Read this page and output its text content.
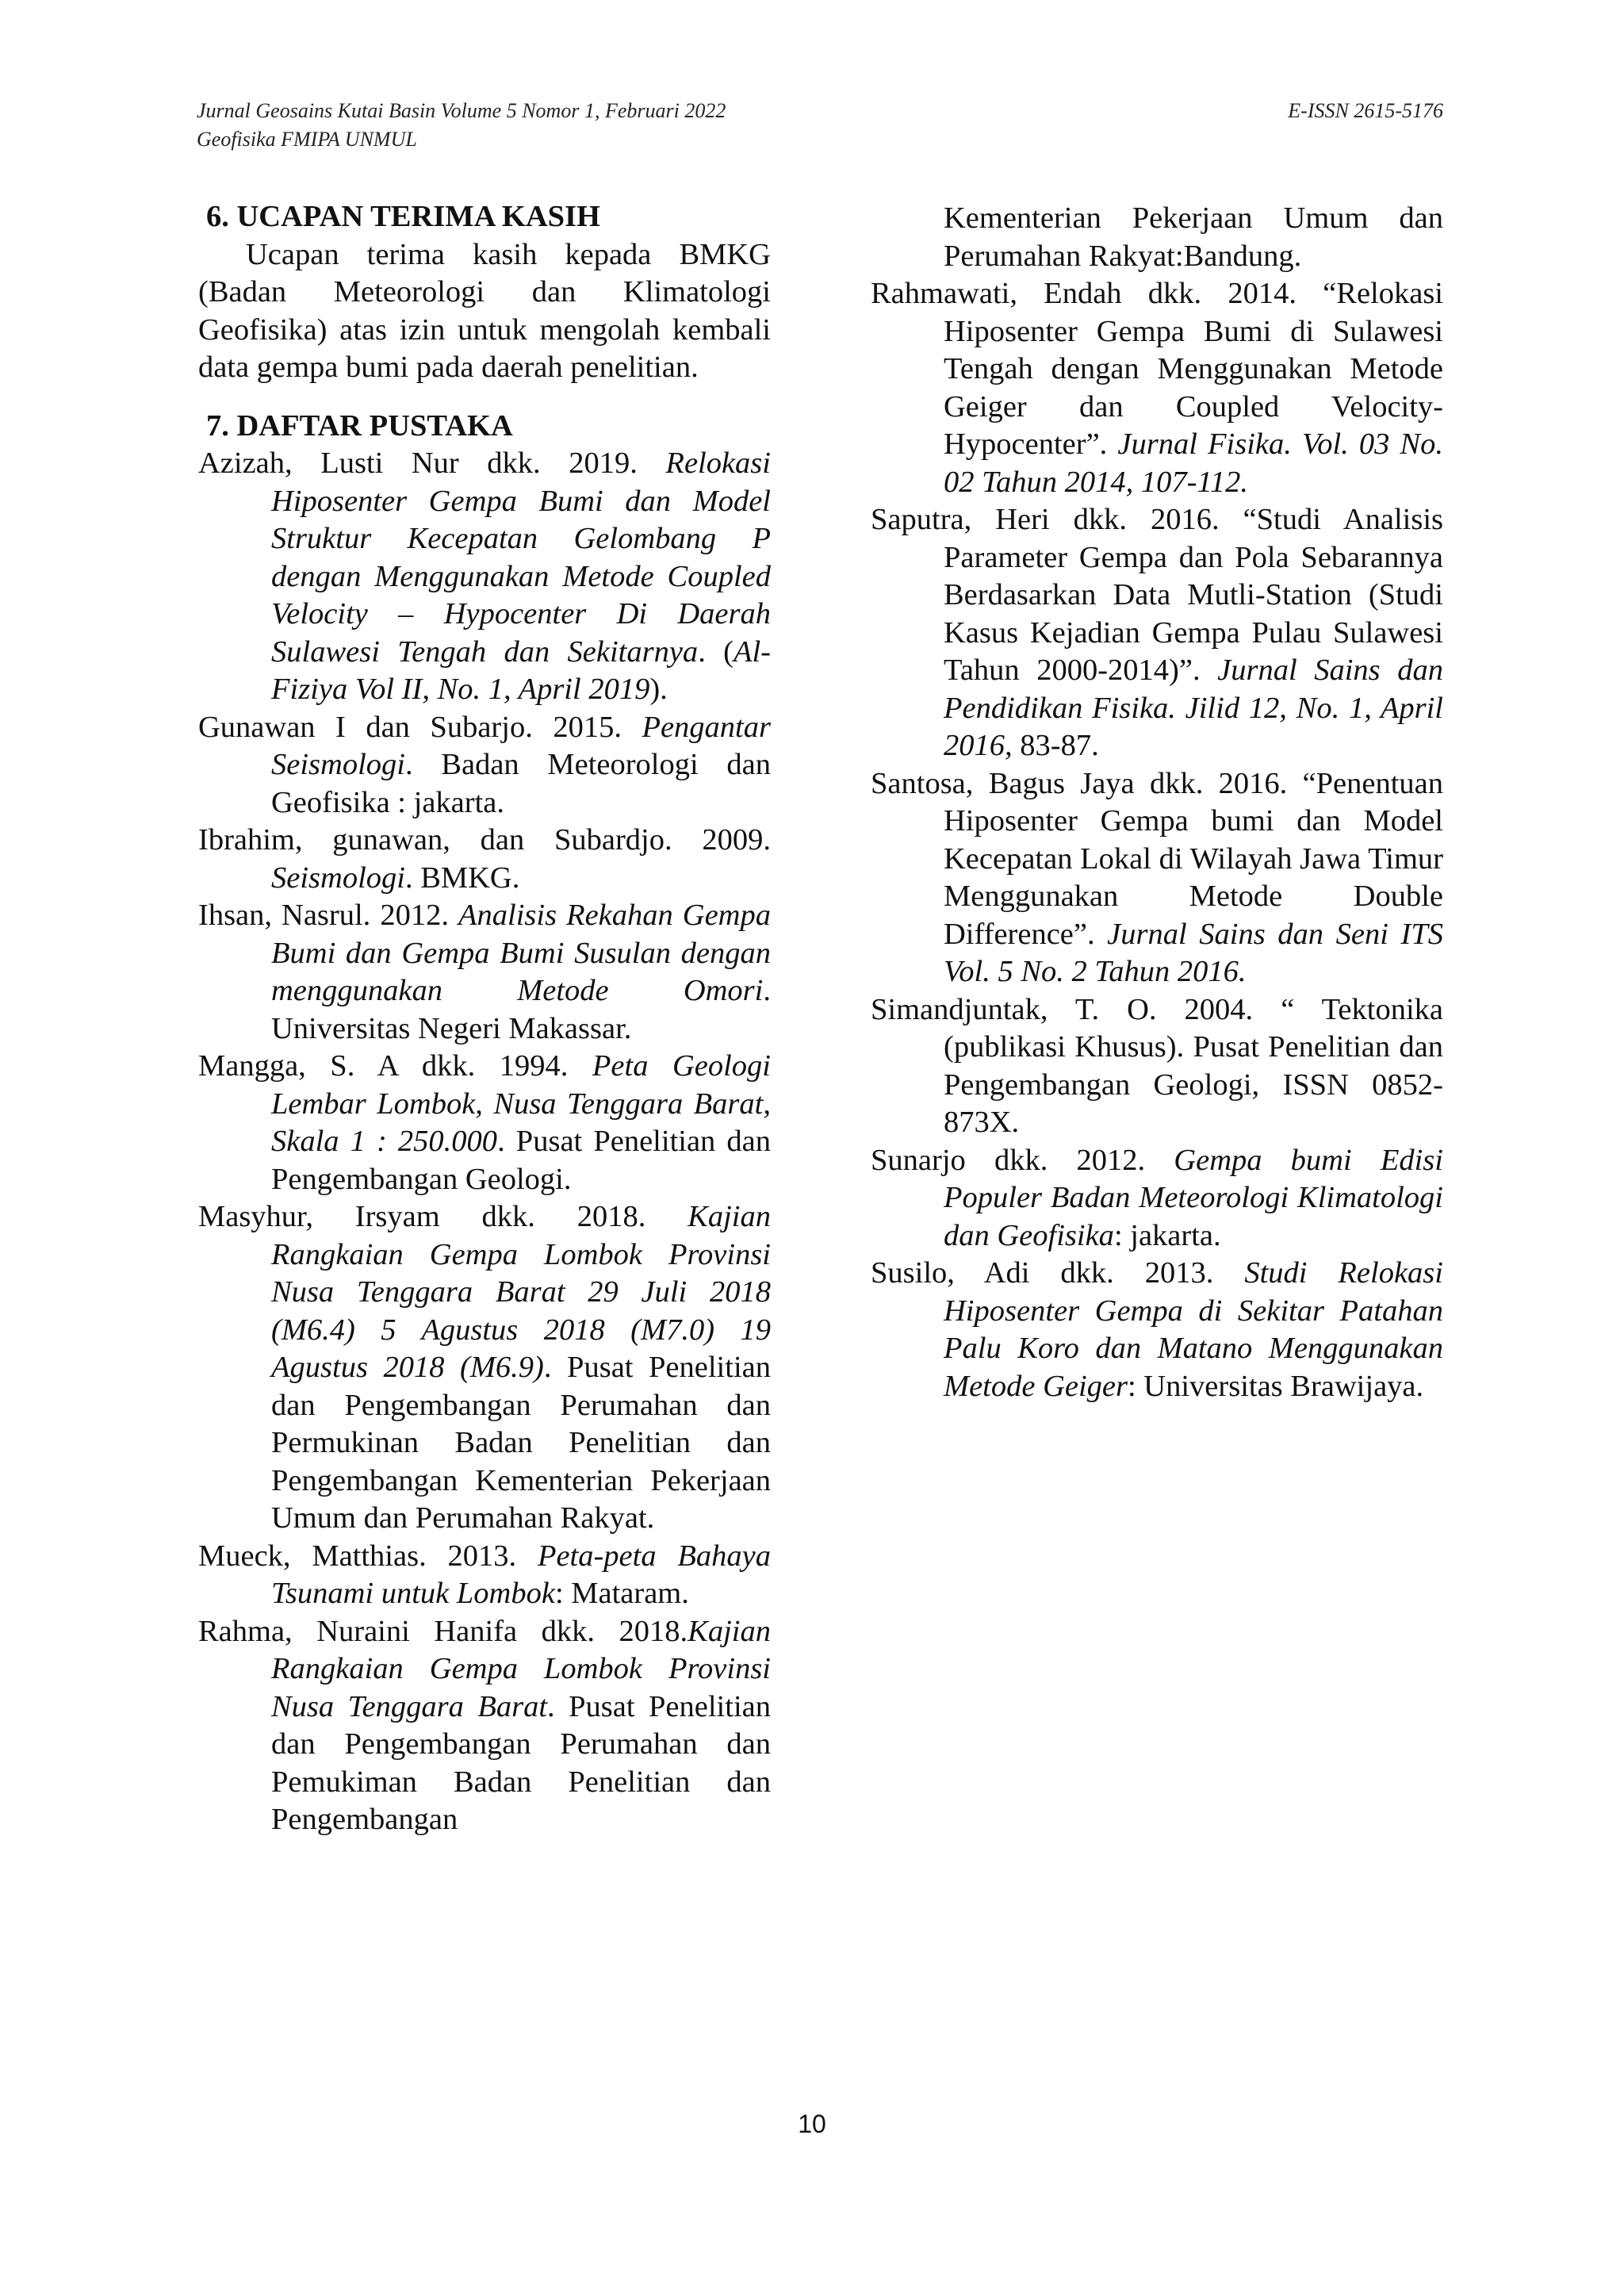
Jurnal Geosains Kutai Basin Volume 5 Nomor 1, Februari 2022	E-ISSN 2615-5176
Geofisika FMIPA UNMUL
6. UCAPAN TERIMA KASIH

Ucapan terima kasih kepada BMKG (Badan Meteorologi dan Klimatologi Geofisika) atas izin untuk mengolah kembali data gempa bumi pada daerah penelitian.

7. DAFTAR PUSTAKA

Azizah, Lusti Nur dkk. 2019. Relokasi Hiposenter Gempa Bumi dan Model Struktur Kecepatan Gelombang P dengan Menggunakan Metode Coupled Velocity – Hypocenter Di Daerah Sulawesi Tengah dan Sekitarnya. (Al-Fiziya Vol II, No. 1, April 2019).

Gunawan I dan Subarjo. 2015. Pengantar Seismologi. Badan Meteorologi dan Geofisika : jakarta.

Ibrahim, gunawan, dan Subardjo. 2009. Seismologi. BMKG.

Ihsan, Nasrul. 2012. Analisis Rekahan Gempa Bumi dan Gempa Bumi Susulan dengan menggunakan Metode Omori. Universitas Negeri Makassar.

Mangga, S. A dkk. 1994. Peta Geologi Lembar Lombok, Nusa Tenggara Barat, Skala 1 : 250.000. Pusat Penelitian dan Pengembangan Geologi.

Masyhur, Irsyam dkk. 2018. Kajian Rangkaian Gempa Lombok Provinsi Nusa Tenggara Barat 29 Juli 2018 (M6.4) 5 Agustus 2018 (M7.0) 19 Agustus 2018 (M6.9). Pusat Penelitian dan Pengembangan Perumahan dan Permukinan Badan Penelitian dan Pengembangan Kementerian Pekerjaan Umum dan Perumahan Rakyat.

Mueck, Matthias. 2013. Peta-peta Bahaya Tsunami untuk Lombok: Mataram.

Rahma, Nuraini Hanifa dkk. 2018.Kajian Rangkaian Gempa Lombok Provinsi Nusa Tenggara Barat. Pusat Penelitian dan Pengembangan Perumahan dan Pemukiman Badan Penelitian dan Pengembangan

Kementerian Pekerjaan Umum dan Perumahan Rakyat:Bandung.

Rahmawati, Endah dkk. 2014. “Relokasi Hiposenter Gempa Bumi di Sulawesi Tengah dengan Menggunakan Metode Geiger dan Coupled Velocity-Hypocenter”. Jurnal Fisika. Vol. 03 No. 02 Tahun 2014, 107-112.

Saputra, Heri dkk. 2016. “Studi Analisis Parameter Gempa dan Pola Sebarannya Berdasarkan Data Mutli-Station (Studi Kasus Kejadian Gempa Pulau Sulawesi Tahun 2000-2014)”. Jurnal Sains dan Pendidikan Fisika. Jilid 12, No. 1, April 2016, 83-87.

Santosa, Bagus Jaya dkk. 2016. “Penentuan Hiposenter Gempa bumi dan Model Kecepatan Lokal di Wilayah Jawa Timur Menggunakan Metode Double Difference”. Jurnal Sains dan Seni ITS Vol. 5 No. 2 Tahun 2016.

Simandjuntak, T. O. 2004. “ Tektonika (publikasi Khusus). Pusat Penelitian dan Pengembangan Geologi, ISSN 0852-873X.

Sunarjo dkk. 2012. Gempa bumi Edisi Populer Badan Meteorologi Klimatologi dan Geofisika: jakarta.

Susilo, Adi dkk. 2013. Studi Relokasi Hiposenter Gempa di Sekitar Patahan Palu Koro dan Matano Menggunakan Metode Geiger: Universitas Brawijaya.

10
